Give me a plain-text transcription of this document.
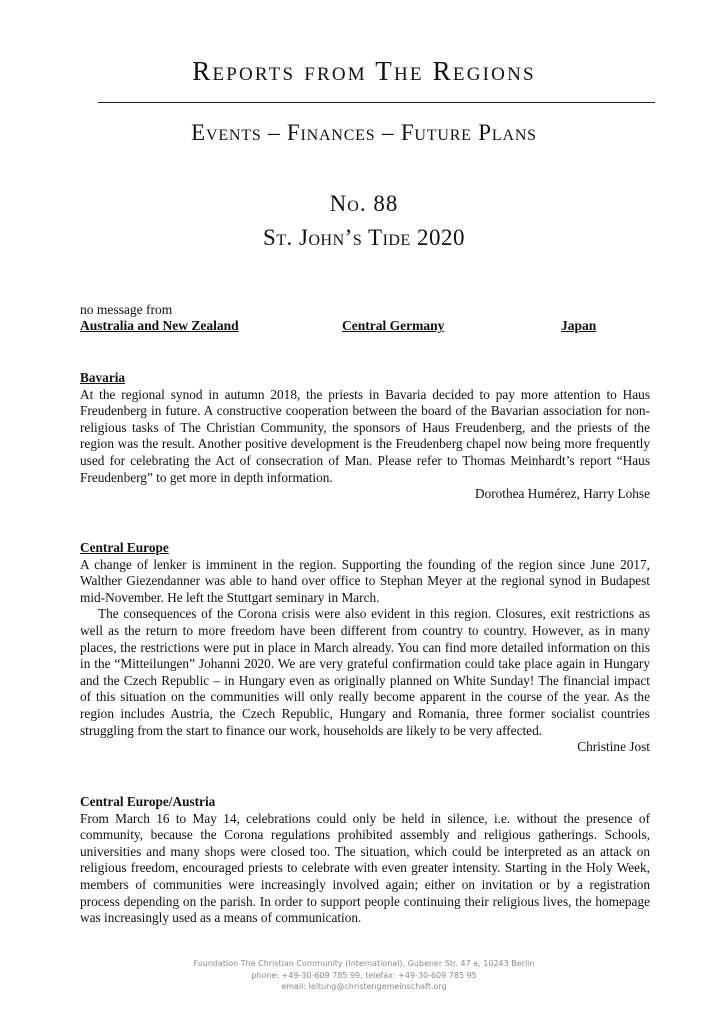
Reports from The Regions
Events – Finances – Future Plans
No. 88
St. John’s Tide 2020
no message from
Australia and New Zealand	Central Germany	Japan
Bavaria
At the regional synod in autumn 2018, the priests in Bavaria decided to pay more attention to Haus Freudenberg in future. A constructive cooperation between the board of the Bavarian association for non-religious tasks of The Christian Community, the sponsors of Haus Freudenberg, and the priests of the region was the result. Another positive development is the Freudenberg chapel now being more frequently used for celebrating the Act of consecration of Man. Please refer to Thomas Meinhardt’s report “Haus Freudenberg” to get more in depth information.
Dorothea Humérez, Harry Lohse
Central Europe
A change of lenker is imminent in the region. Supporting the founding of the region since June 2017, Walther Giezendanner was able to hand over office to Stephan Meyer at the regional synod in Budapest mid-November. He left the Stuttgart seminary in March.
The consequences of the Corona crisis were also evident in this region. Closures, exit restrictions as well as the return to more freedom have been different from country to country. However, as in many places, the restrictions were put in place in March already. You can find more detailed information on this in the “Mitteilungen” Johanni 2020. We are very grateful confirmation could take place again in Hungary and the Czech Republic – in Hungary even as originally planned on White Sunday! The financial impact of this situation on the communities will only really become apparent in the course of the year. As the region includes Austria, the Czech Republic, Hungary and Romania, three former socialist countries struggling from the start to finance our work, households are likely to be very affected.
Christine Jost
Central Europe/Austria
From March 16 to May 14, celebrations could only be held in silence, i.e. without the presence of community, because the Corona regulations prohibited assembly and religious gatherings. Schools, universities and many shops were closed too. The situation, which could be interpreted as an attack on religious freedom, encouraged priests to celebrate with even greater intensity. Starting in the Holy Week, members of communities were increasingly involved again; either on invitation or by a registration process depending on the parish. In order to support people continuing their religious lives, the homepage was increasingly used as a means of communication.
Foundation The Christian Community (International), Gubener Str. 47 a, 10243 Berlin
phone: +49-30-609 785 99, telefax: +49-30-609 785 95
email: leitung@christengemeinschaft.org
